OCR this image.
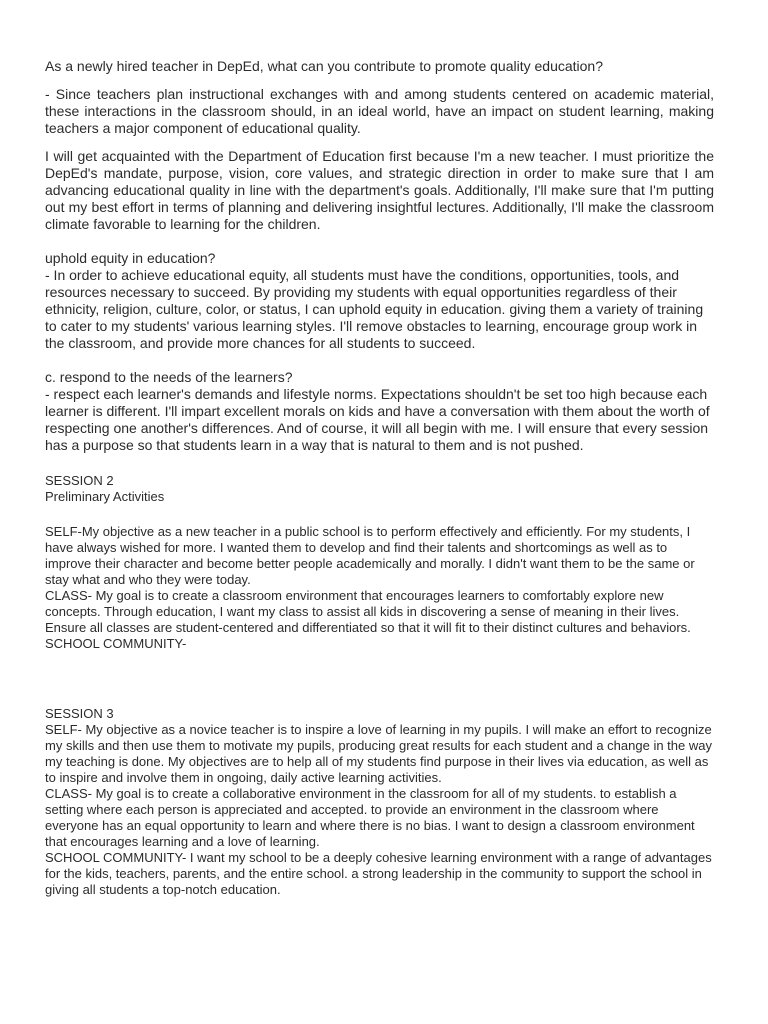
As a newly hired teacher in DepEd, what can you contribute to promote quality education?

- Since teachers plan instructional exchanges with and among students centered on academic material, these interactions in the classroom should, in an ideal world, have an impact on student learning, making teachers a major component of educational quality.

I will get acquainted with the Department of Education first because I'm a new teacher. I must prioritize the DepEd's mandate, purpose, vision, core values, and strategic direction in order to make sure that I am advancing educational quality in line with the department's goals. Additionally, I'll make sure that I'm putting out my best effort in terms of planning and delivering insightful lectures. Additionally, I'll make the classroom climate favorable to learning for the children.

uphold equity in education?

- In order to achieve educational equity, all students must have the conditions, opportunities, tools, and resources necessary to succeed. By providing my students with equal opportunities regardless of their ethnicity, religion, culture, color, or status, I can uphold equity in education. giving them a variety of training to cater to my students' various learning styles. I'll remove obstacles to learning, encourage group work in the classroom, and provide more chances for all students to succeed.

c. respond to the needs of the learners?

- respect each learner's demands and lifestyle norms. Expectations shouldn't be set too high because each learner is different. I'll impart excellent morals on kids and have a conversation with them about the worth of respecting one another's differences. And of course, it will all begin with me. I will ensure that every session has a purpose so that students learn in a way that is natural to them and is not pushed.

SESSION 2

Preliminary Activities

SELF-My objective as a new teacher in a public school is to perform effectively and efficiently. For my students, I have always wished for more. I wanted them to develop and find their talents and shortcomings as well as to improve their character and become better people academically and morally. I didn't want them to be the same or stay what and who they were today.

CLASS- My goal is to create a classroom environment that encourages learners to comfortably explore new concepts. Through education, I want my class to assist all kids in discovering a sense of meaning in their lives. Ensure all classes are student-centered and differentiated so that it will fit to their distinct cultures and behaviors.

SCHOOL COMMUNITY-

SESSION 3

SELF- My objective as a novice teacher is to inspire a love of learning in my pupils. I will make an effort to recognize my skills and then use them to motivate my pupils, producing great results for each student and a change in the way my teaching is done. My objectives are to help all of my students find purpose in their lives via education, as well as to inspire and involve them in ongoing, daily active learning activities.

CLASS- My goal is to create a collaborative environment in the classroom for all of my students. to establish a setting where each person is appreciated and accepted. to provide an environment in the classroom where everyone has an equal opportunity to learn and where there is no bias. I want to design a classroom environment that encourages learning and a love of learning.

SCHOOL COMMUNITY- I want my school to be a deeply cohesive learning environment with a range of advantages for the kids, teachers, parents, and the entire school. a strong leadership in the community to support the school in giving all students a top-notch education.
